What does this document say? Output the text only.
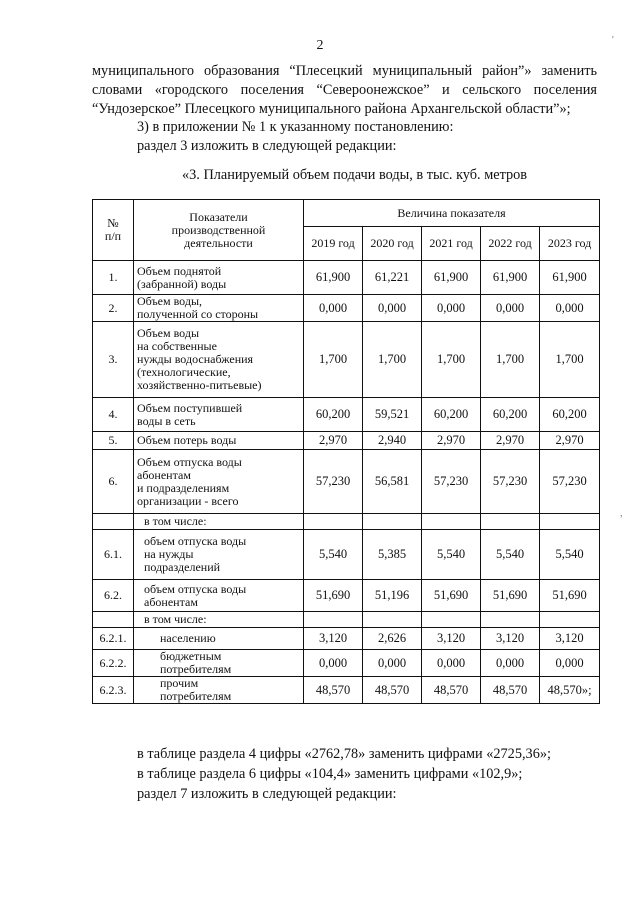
2
муниципального образования “Плесецкий муниципальный район”» заменить
словами «городского поселения “Североонежское” и сельского поселения
“Ундозерское” Плесецкого муниципального района Архангельской области”»;
3) в приложении № 1 к указанному постановлению:
раздел 3 изложить в следующей редакции:
«3. Планируемый объем подачи воды, в тыс. куб. метров
№
п/п	Показатели
производственной
деятельности	Величина показателя				
		2019 год	2020 год	2021 год	2022 год	2023 год
1.	Объем поднятой
(забранной) воды	61,900	61,221	61,900	61,900	61,900
2.	Объем воды,
полученной со стороны	0,000	0,000	0,000	0,000	0,000
3.	Объем воды
на собственные
нужды водоснабжения
(технологические,
хозяйственно-питьевые)	1,700	1,700	1,700	1,700	1,700
4.	Объем поступившей
воды в сеть	60,200	59,521	60,200	60,200	60,200
5.	Объем потерь воды	2,970	2,940	2,970	2,970	2,970
6.	Объем отпуска воды
абонентам
и подразделениям
организации - всего	57,230	56,581	57,230	57,230	57,230
	в том числе:					
6.1.	объем отпуска воды
на нужды
подразделений	5,540	5,385	5,540	5,540	5,540
6.2.	объем отпуска воды
абонентам	51,690	51,196	51,690	51,690	51,690
	в том числе:					
6.2.1.	населению	3,120	2,626	3,120	3,120	3,120
6.2.2.	бюджетным
потребителям	0,000	0,000	0,000	0,000	0,000
6.2.3.	прочим
потребителям	48,570	48,570	48,570	48,570	48,570»;
в таблице раздела 4 цифры «2762,78» заменить цифрами «2725,36»;
в таблице раздела 6 цифры «104,4» заменить цифрами «102,9»;
раздел 7 изложить в следующей редакции:
'
,
